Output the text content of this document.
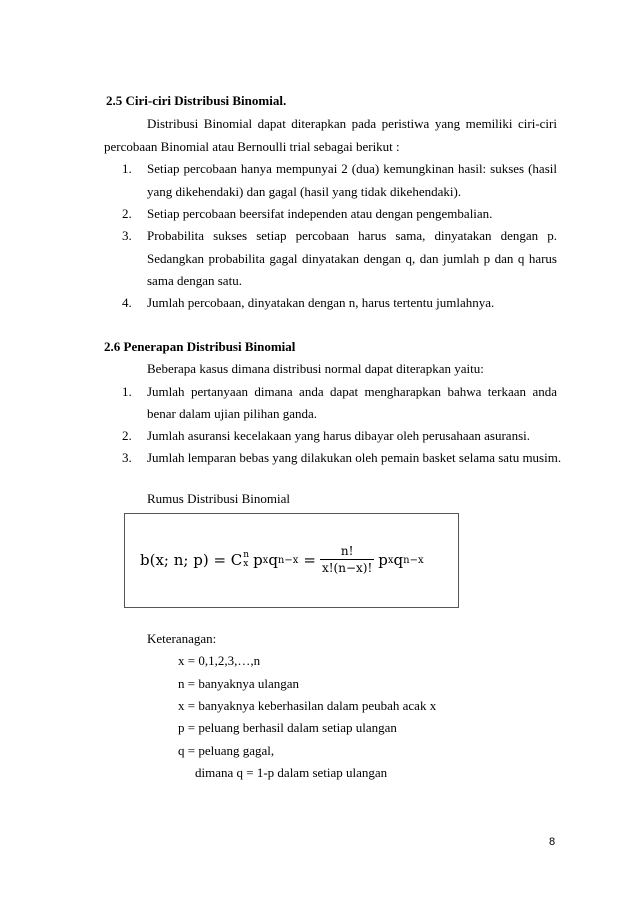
2.5 Ciri-ciri Distribusi Binomial.
Distribusi Binomial dapat diterapkan pada peristiwa yang memiliki ciri-ciri
percobaan Binomial atau Bernoulli trial sebagai berikut :
1. Setiap percobaan hanya mempunyai 2 (dua) kemungkinan hasil: sukses (hasil
yang dikehendaki) dan gagal (hasil yang tidak dikehendaki).
2. Setiap percobaan beersifat independen atau dengan pengembalian.
3. Probabilita sukses setiap percobaan harus sama, dinyatakan dengan p.
Sedangkan probabilita gagal dinyatakan dengan q, dan jumlah p dan q harus
sama dengan satu.
4. Jumlah percobaan, dinyatakan dengan n, harus tertentu jumlahnya.
2.6 Penerapan Distribusi Binomial
Beberapa kasus dimana distribusi normal dapat diterapkan yaitu:
1. Jumlah pertanyaan dimana anda dapat mengharapkan bahwa terkaan anda
benar dalam ujian pilihan ganda.
2. Jumlah asuransi kecelakaan yang harus dibayar oleh perusahaan asuransi.
3. Jumlah lemparan bebas yang dilakukan oleh pemain basket selama satu musim.
Rumus Distribusi Binomial
b(x; n; p) = C n
x p x q $n-x = \frac{n!}{x!(n-x)!}$ p x q n−x
Keteranagan:
x = 0,1,2,3,…,n
n = banyaknya ulangan
x = banyaknya keberhasilan dalam peubah acak x
p = peluang berhasil dalam setiap ulangan
q = peluang gagal,
dimana q = 1-p dalam setiap ulangan
8
